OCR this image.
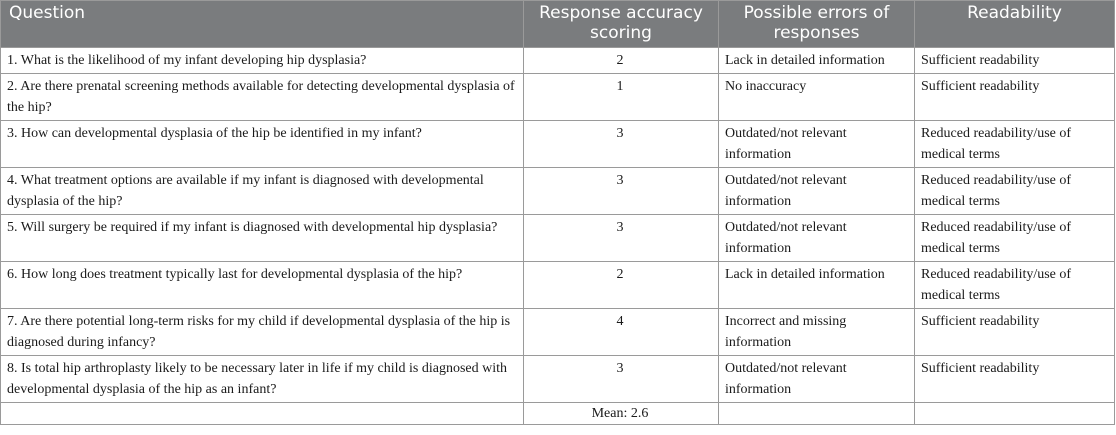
Question	Response accuracy scoring	Possible errors of responses	Readability
1. What is the likelihood of my infant developing hip dysplasia?	2	Lack in detailed information	Sufficient readability
2. Are there prenatal screening methods available for detecting developmental dysplasia of the hip?	1	No inaccuracy	Sufficient readability
3. How can developmental dysplasia of the hip be identified in my infant?	3	Outdated/not relevant information	Reduced readability/use of medical terms
4. What treatment options are available if my infant is diagnosed with developmental dysplasia of the hip?	3	Outdated/not relevant information	Reduced readability/use of medical terms
5. Will surgery be required if my infant is diagnosed with developmental hip dysplasia?	3	Outdated/not relevant information	Reduced readability/use of medical terms
6. How long does treatment typically last for developmental dysplasia of the hip?	2	Lack in detailed information	Reduced readability/use of medical terms
7. Are there potential long-term risks for my child if developmental dysplasia of the hip is diagnosed during infancy?	4	Incorrect and missing information	Sufficient readability
8. Is total hip arthroplasty likely to be necessary later in life if my child is diagnosed with developmental dysplasia of the hip as an infant?	3	Outdated/not relevant information	Sufficient readability
	Mean: 2.6		
